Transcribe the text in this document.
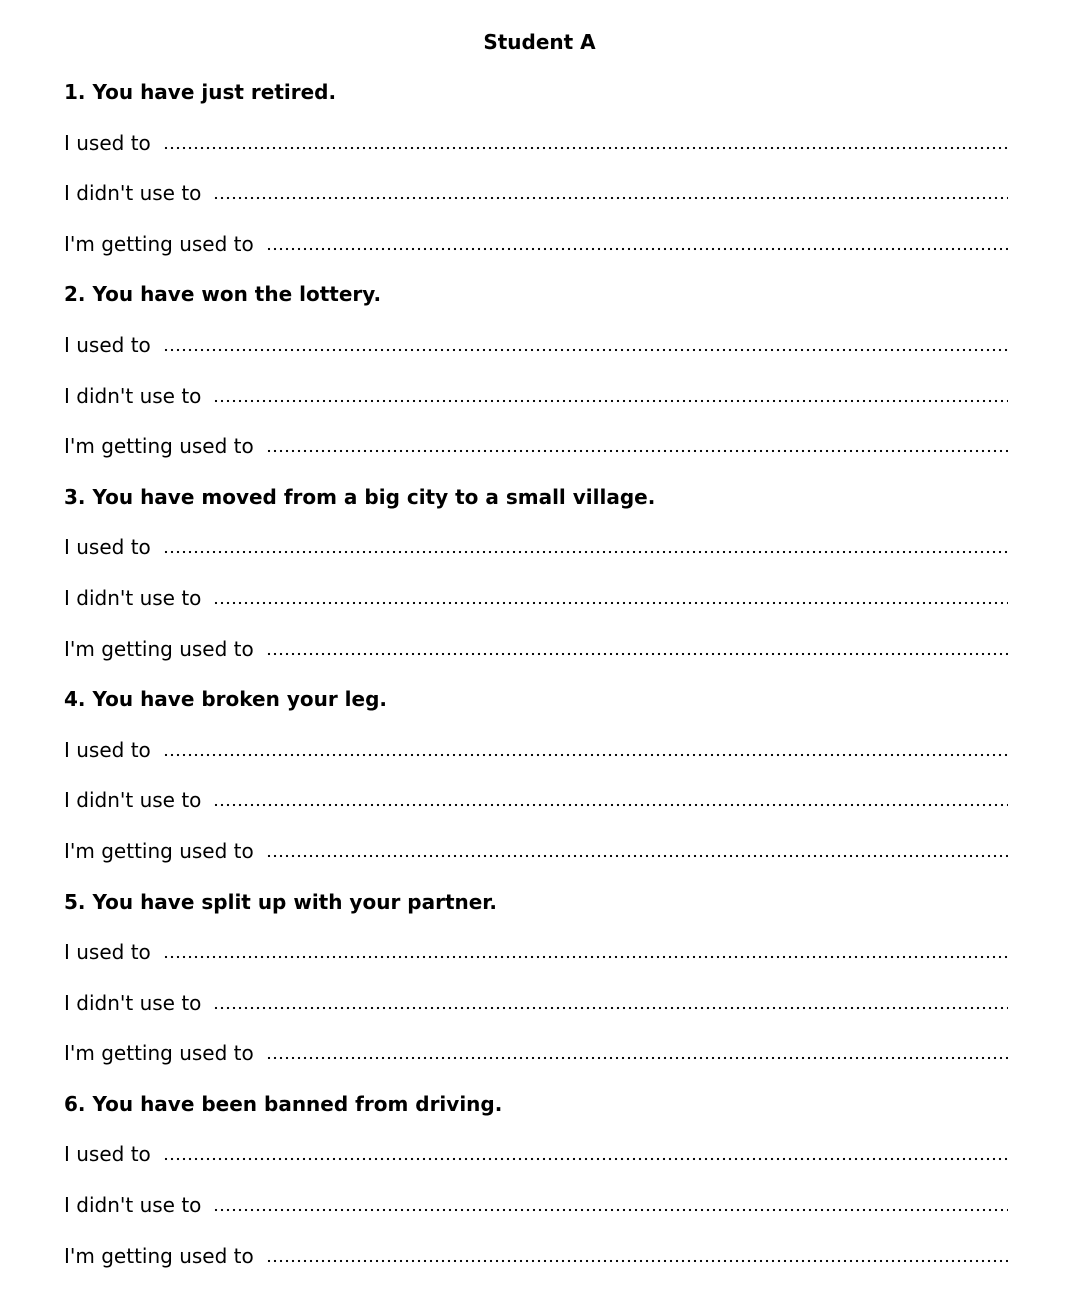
Student A
1. You have just retired.
I used to
I didn't use to
I'm getting used to
2. You have won the lottery.
I used to
I didn't use to
I'm getting used to
3. You have moved from a big city to a small village.
I used to
I didn't use to
I'm getting used to
4. You have broken your leg.
I used to
I didn't use to
I'm getting used to
5. You have split up with your partner.
I used to
I didn't use to
I'm getting used to
6. You have been banned from driving.
I used to
I didn't use to
I'm getting used to
